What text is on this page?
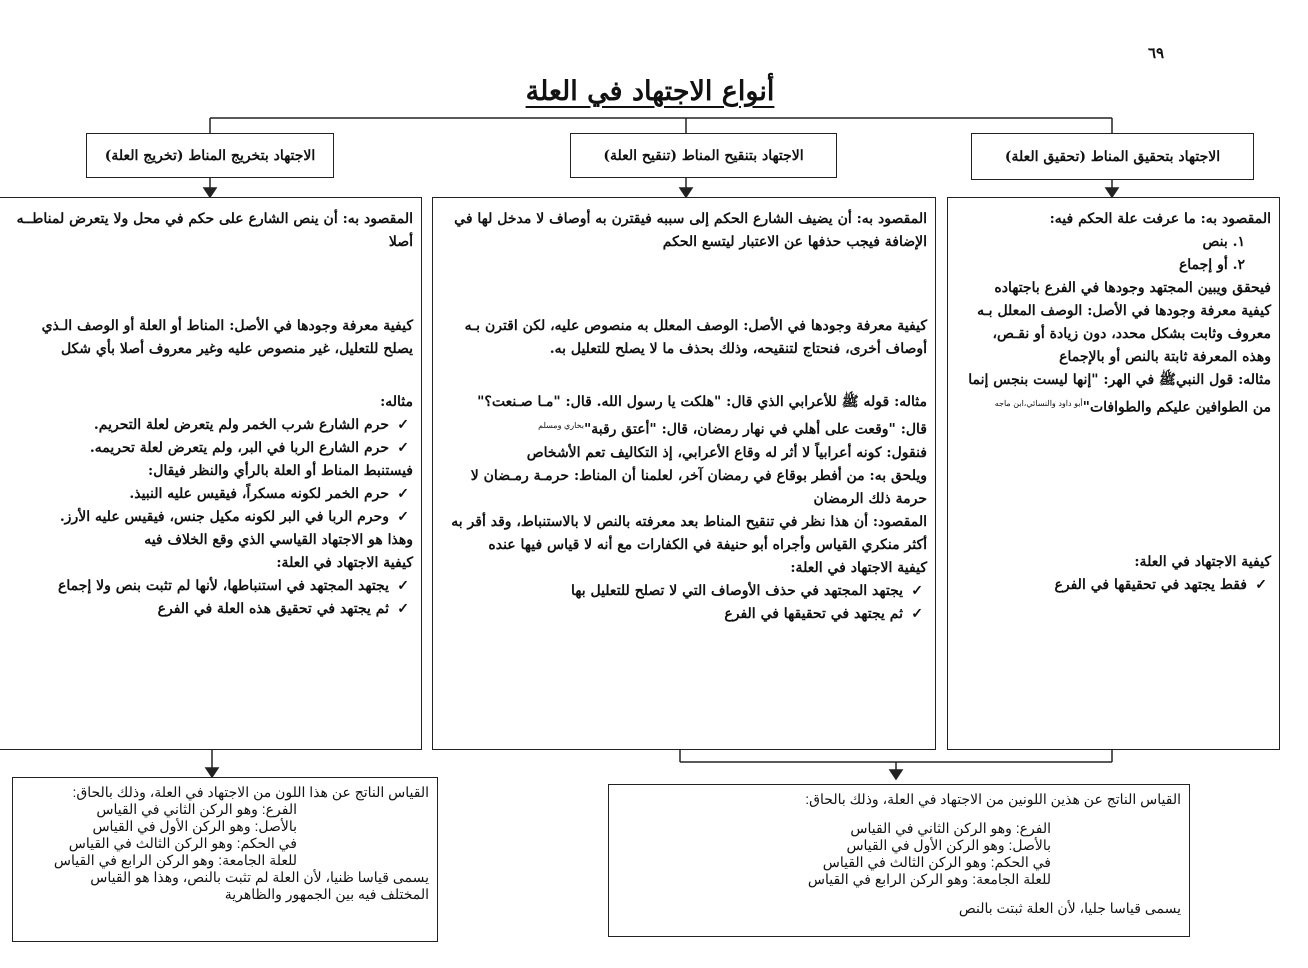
٦٩
أنواع الاجتهاد في العلة
الاجتهاد بتحقيق المناط (تحقيق العلة)
الاجتهاد بتنقيح المناط (تنقيح العلة)
الاجتهاد بتخريج المناط (تخريج العلة)

المقصود به: ما عرفت علة الحكم فيه:

١. بنص

٢. أو إجماع

فيحقق ويبين المجتهد وجودها في الفرع باجتهاده

كيفية معرفة وجودها في الأصل: الوصف المعلل بـه

معروف وثابت بشكل محدد، دون زيادة أو نقـص،

وهذه المعرفة ثابتة بالنص أو بالإجماع

مثاله: قول النبيﷺ في الهر: "إنها ليست بنجس إنما

من الطوافين عليكم والطوافات"$^{أبو داود والنسائي،ابن ماجه}$

كيفية الاجتهاد في العلة:

✓فقط يجتهد في تحقيقها في الفرع

المقصود به: أن يضيف الشارع الحكم إلى سببه فيقترن به أوصاف لا مدخل لها في

الإضافة فيجب حذفها عن الاعتبار ليتسع الحكم

كيفية معرفة وجودها في الأصل: الوصف المعلل به منصوص عليه، لكن اقترن بـه

أوصاف أخرى، فنحتاج لتنقيحه، وذلك بحذف ما لا يصلح للتعليل به.

مثاله: قوله ﷺ للأعرابي الذي قال: "هلكت يا رسول الله. قال: "مـا صـنعت؟"

قال: "وقعت على أهلي في نهار رمضان، قال: "أعتق رقبة"$^{بخاري ومسلم}$

فنقول: كونه أعرابياً لا أثر له وقاع الأعرابي، إذ التكاليف تعم الأشخاص

ويلحق به: من أفطر بوقاع في رمضان آخر، لعلمنا أن المناط: حرمـة رمـضان لا

حرمة ذلك الرمضان

المقصود: أن هذا نظر في تنقيح المناط بعد معرفته بالنص لا بالاستنباط، وقد أقر به

أكثر منكري القياس وأجراه أبو حنيفة في الكفارات مع أنه لا قياس فيها عنده

كيفية الاجتهاد في العلة:

✓يجتهد المجتهد في حذف الأوصاف التي لا تصلح للتعليل بها

✓ثم يجتهد في تحقيقها في الفرع

المقصود به: أن ينص الشارع على حكم في محل ولا يتعرض لمناطــه

أصلا

كيفية معرفة وجودها في الأصل: المناط أو العلة أو الوصف الـذي

يصلح للتعليل، غير منصوص عليه وغير معروف أصلا بأي شكل

مثاله:

✓حرم الشارع شرب الخمر ولم يتعرض لعلة التحريم.

✓حرم الشارع الربا في البر، ولم يتعرض لعلة تحريمه.

فيستنبط المناط أو العلة بالرأي والنظر فيقال:

✓حرم الخمر لكونه مسكراً، فيقيس عليه النبيذ.

✓وحرم الربا في البر لكونه مكيل جنس، فيقيس عليه الأرز.

وهذا هو الاجتهاد القياسي الذي وقع الخلاف فيه

كيفية الاجتهاد في العلة:

✓يجتهد المجتهد في استنباطها، لأنها لم تثبت بنص ولا إجماع

✓ثم يجتهد في تحقيق هذه العلة في الفرع

القياس الناتج عن هذين اللونين من الاجتهاد في العلة، وذلك بالحاق:

الفرع: وهو الركن الثاني في القياس

بالأصل: وهو الركن الأول في القياس

في الحكم: وهو الركن الثالث في القياس

للعلة الجامعة: وهو الركن الرابع في القياس

يسمى قياسا جليا، لأن العلة ثبتت بالنص

القياس الناتج عن هذا اللون من الاجتهاد في العلة، وذلك بالحاق:

الفرع: وهو الركن الثاني في القياس

بالأصل: وهو الركن الأول في القياس

في الحكم: وهو الركن الثالث في القياس

للعلة الجامعة: وهو الركن الرابع في القياس

يسمى قياسا ظنيا، لأن العلة لم تثبت بالنص، وهذا هو القياس

المختلف فيه بين الجمهور والظاهرية
